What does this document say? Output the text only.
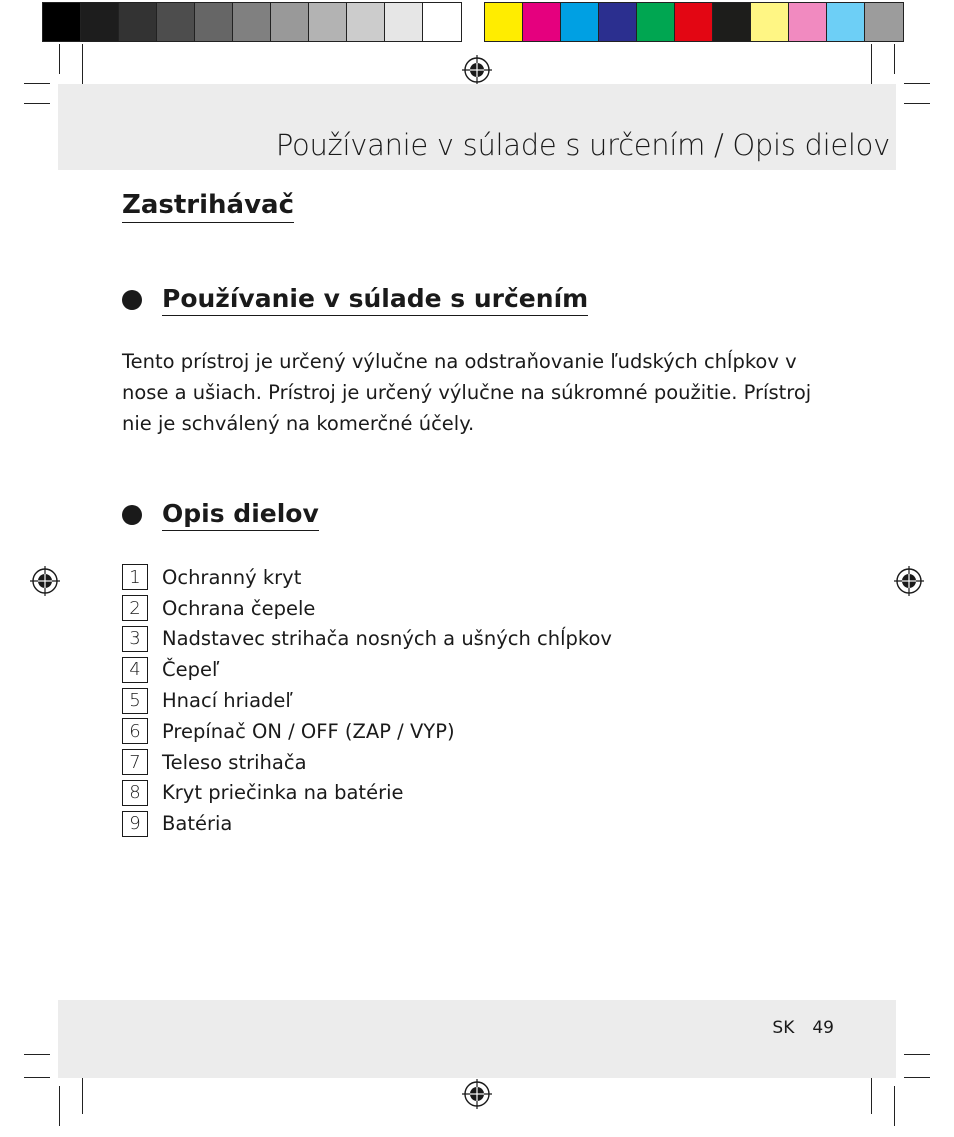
Používanie v súlade s určením / Opis dielov
Zastrihávač
Používanie v súlade s určením
Tento prístroj je určený výlučne na odstraňovanie ľudských chĺpkov v nose a ušiach. Prístroj je určený výlučne na súkromné použitie. Prístroj nie je schválený na komerčné účely.
Opis dielov
1	Ochranný kryt
2	Ochrana čepele
3	Nadstavec strihača nosných a ušných chĺpkov
4	Čepeľ
5	Hnací hriadeľ
6	Prepínač ON / OFF (ZAP / VYP)
7	Teleso strihača
8	Kryt priečinka na batérie
9	Batéria
SK 49
